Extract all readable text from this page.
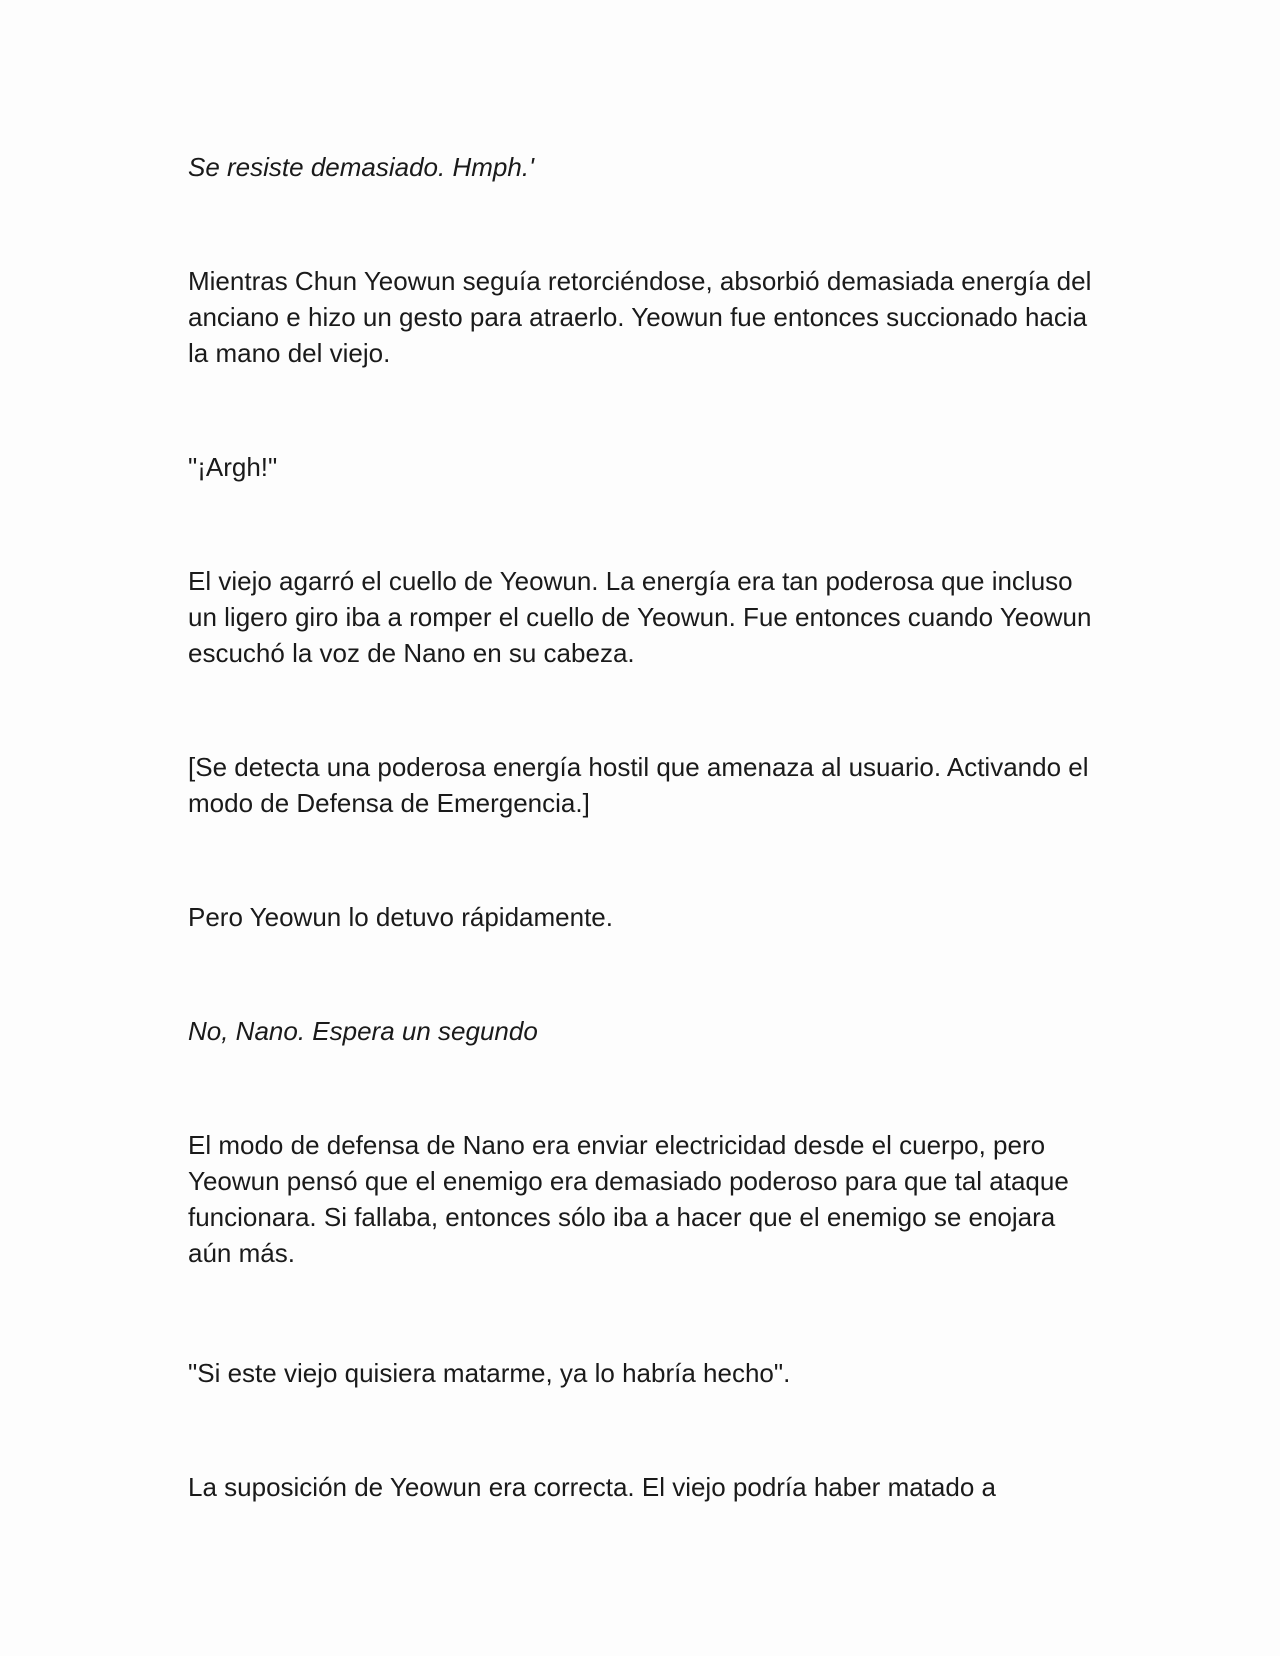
Se resiste demasiado. Hmph.'

Mientras Chun Yeowun seguía retorciéndose, absorbió demasiada energía del anciano e hizo un gesto para atraerlo. Yeowun fue entonces succionado hacia la mano del viejo.

"¡Argh!"

El viejo agarró el cuello de Yeowun. La energía era tan poderosa que incluso un ligero giro iba a romper el cuello de Yeowun. Fue entonces cuando Yeowun escuchó la voz de Nano en su cabeza.

[Se detecta una poderosa energía hostil que amenaza al usuario. Activando el modo de Defensa de Emergencia.]

Pero Yeowun lo detuvo rápidamente.

No, Nano. Espera un segundo

El modo de defensa de Nano era enviar electricidad desde el cuerpo, pero Yeowun pensó que el enemigo era demasiado poderoso para que tal ataque funcionara. Si fallaba, entonces sólo iba a hacer que el enemigo se enojara aún más.

"Si este viejo quisiera matarme, ya lo habría hecho".

La suposición de Yeowun era correcta. El viejo podría haber matado a
